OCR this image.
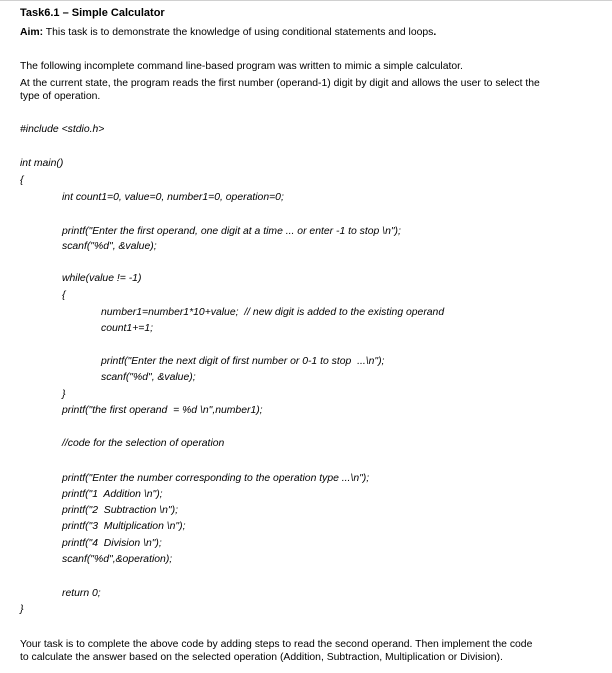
Task6.1 – Simple Calculator
Aim: This task is to demonstrate the knowledge of using conditional statements and loops.
The following incomplete command line-based program was written to mimic a simple calculator.
At the current state, the program reads the first number (operand-1) digit by digit and allows the user to select the
type of operation.
#include <stdio.h>
int main()
{
int count1=0, value=0, number1=0, operation=0;
printf("Enter the first operand, one digit at a time ... or enter -1 to stop \n");
scanf("%d", &value);
while(value != -1)
{
number1=number1*10+value;  // new digit is added to the existing operand
count1+=1;
printf("Enter the next digit of first number or 0-1 to stop  ...\n");
scanf("%d", &value);
}
printf("the first operand  = %d \n",number1);
//code for the selection of operation
printf("Enter the number corresponding to the operation type ...\n");
printf("1  Addition \n");
printf("2  Subtraction \n");
printf("3  Multiplication \n");
printf("4  Division \n");
scanf("%d",&operation);
return 0;
}
Your task is to complete the above code by adding steps to read the second operand. Then implement the code
to calculate the answer based on the selected operation (Addition, Subtraction, Multiplication or Division).
